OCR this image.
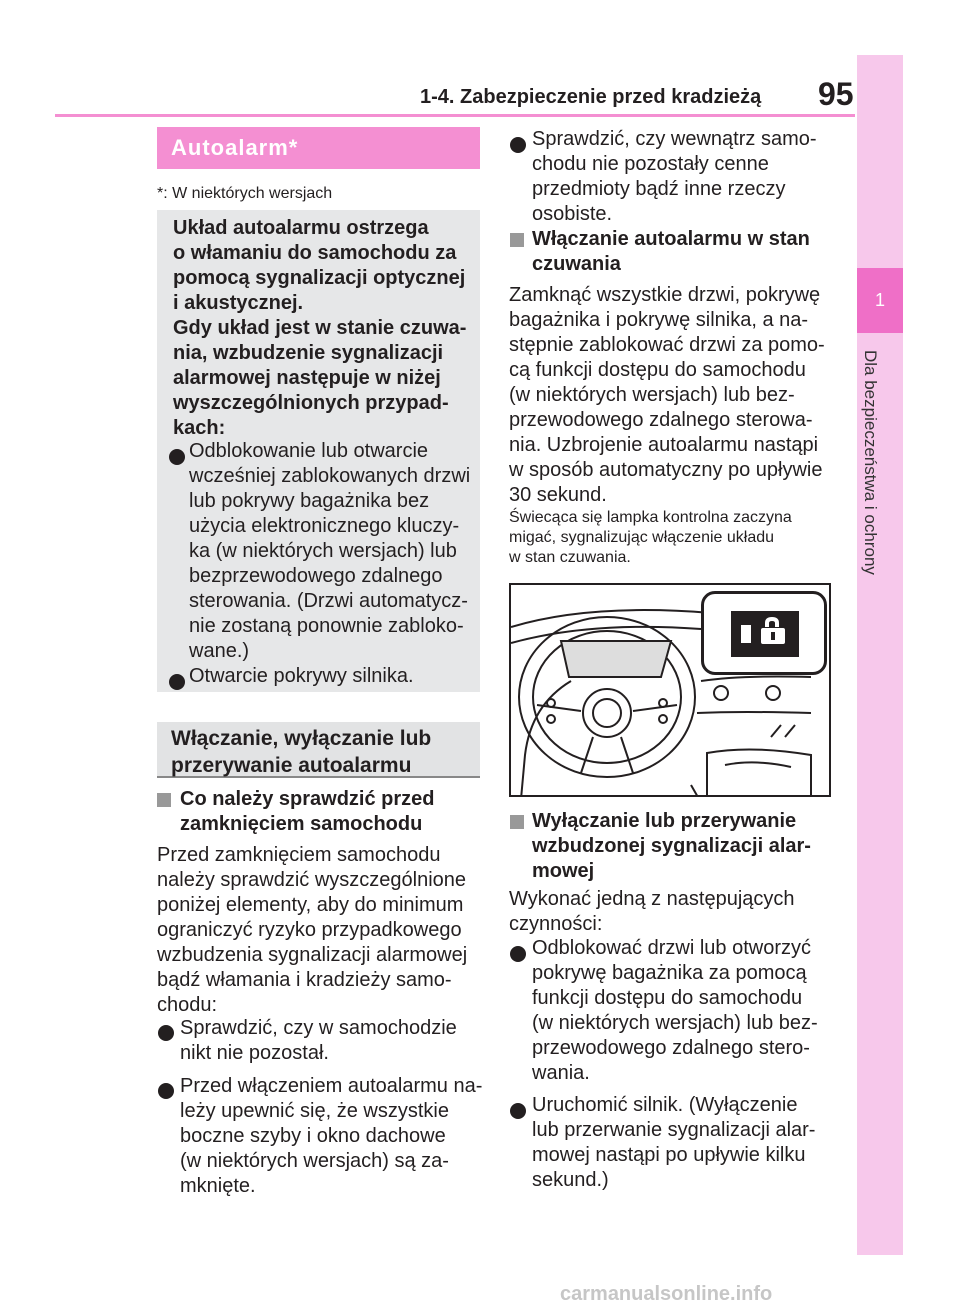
1-4. Zabezpieczenie przed kradzieżą 95
1
Dla bezpieczeństwa i ochrony
Autoalarm*
*: W niektórych wersjach
Układ autoalarmu ostrzega
o włamaniu do samochodu za
pomocą sygnalizacji optycznej
i akustycznej.
Gdy układ jest w stanie czuwa-
nia, wzbudzenie sygnalizacji
alarmowej następuje w niżej
wyszczególnionych przypad-
kach:
Odblokowanie lub otwarcie
wcześniej zablokowanych drzwi
lub pokrywy bagażnika bez
użycia elektronicznego kluczy-
ka (w niektórych wersjach) lub
bezprzewodowego zdalnego
sterowania. (Drzwi automatycz-
nie zostaną ponownie zabloko-
wane.)
Otwarcie pokrywy silnika.
Włączanie, wyłączanie lub
przerywanie autoalarmu
Co należy sprawdzić przed
zamknięciem samochodu
Przed zamknięciem samochodu
należy sprawdzić wyszczególnione
poniżej elementy, aby do minimum
ograniczyć ryzyko przypadkowego
wzbudzenia sygnalizacji alarmowej
bądź włamania i kradzieży samo-
chodu:
Sprawdzić, czy w samochodzie
nikt nie pozostał.
Przed włączeniem autoalarmu na-
leży upewnić się, że wszystkie
boczne szyby i okno dachowe
(w niektórych wersjach) są za-
mknięte.
Sprawdzić, czy wewnątrz samo-
chodu nie pozostały cenne
przedmioty bądź inne rzeczy
osobiste.
Włączanie autoalarmu w stan
czuwania
Zamknąć wszystkie drzwi, pokrywę
bagażnika i pokrywę silnika, a na-
stępnie zablokować drzwi za pomo-
cą funkcji dostępu do samochodu
(w niektórych wersjach) lub bez-
przewodowego zdalnego sterowa-
nia. Uzbrojenie autoalarmu nastąpi
w sposób automatyczny po upływie
30 sekund.
Świecąca się lampka kontrolna zaczyna
migać, sygnalizując włączenie układu
w stan czuwania.
Wyłączanie lub przerywanie
wzbudzonej sygnalizacji alar-
mowej
Wykonać jedną z następujących
czynności:
Odblokować drzwi lub otworzyć
pokrywę bagażnika za pomocą
funkcji dostępu do samochodu
(w niektórych wersjach) lub bez-
przewodowego zdalnego stero-
wania.
Uruchomić silnik. (Wyłączenie
lub przerwanie sygnalizacji alar-
mowej nastąpi po upływie kilku
sekund.)
carmanualsonline.info
